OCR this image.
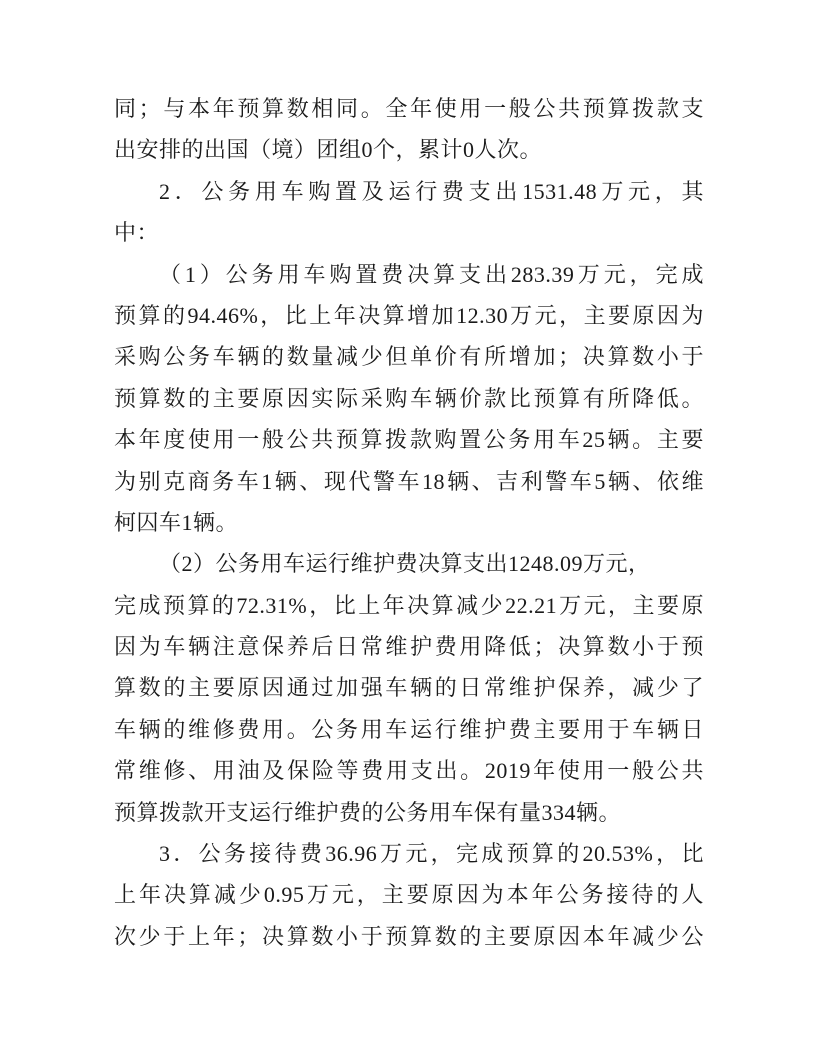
同；与本年预算数相同。全年使用一般公共预算拨款支
出安排的出国（境）团组0个，累计0人次。
2．公务用车购置及运行费支出1531.48万元，其
中：
（1）公务用车购置费决算支出283.39万元，完成
预算的94.46%，比上年决算增加12.30万元，主要原因为
采购公务车辆的数量减少但单价有所增加；决算数小于
预算数的主要原因实际采购车辆价款比预算有所降低。
本年度使用一般公共预算拨款购置公务用车25辆。主要
为别克商务车1辆、现代警车18辆、吉利警车5辆、依维
柯囚车1辆。
（2）公务用车运行维护费决算支出1248.09万元，
完成预算的72.31%，比上年决算减少22.21万元，主要原
因为车辆注意保养后日常维护费用降低；决算数小于预
算数的主要原因通过加强车辆的日常维护保养，减少了
车辆的维修费用。公务用车运行维护费主要用于车辆日
常维修、用油及保险等费用支出。2019年使用一般公共
预算拨款开支运行维护费的公务用车保有量334辆。
3．公务接待费36.96万元，完成预算的20.53%，比
上年决算减少0.95万元，主要原因为本年公务接待的人
次少于上年；决算数小于预算数的主要原因本年减少公
